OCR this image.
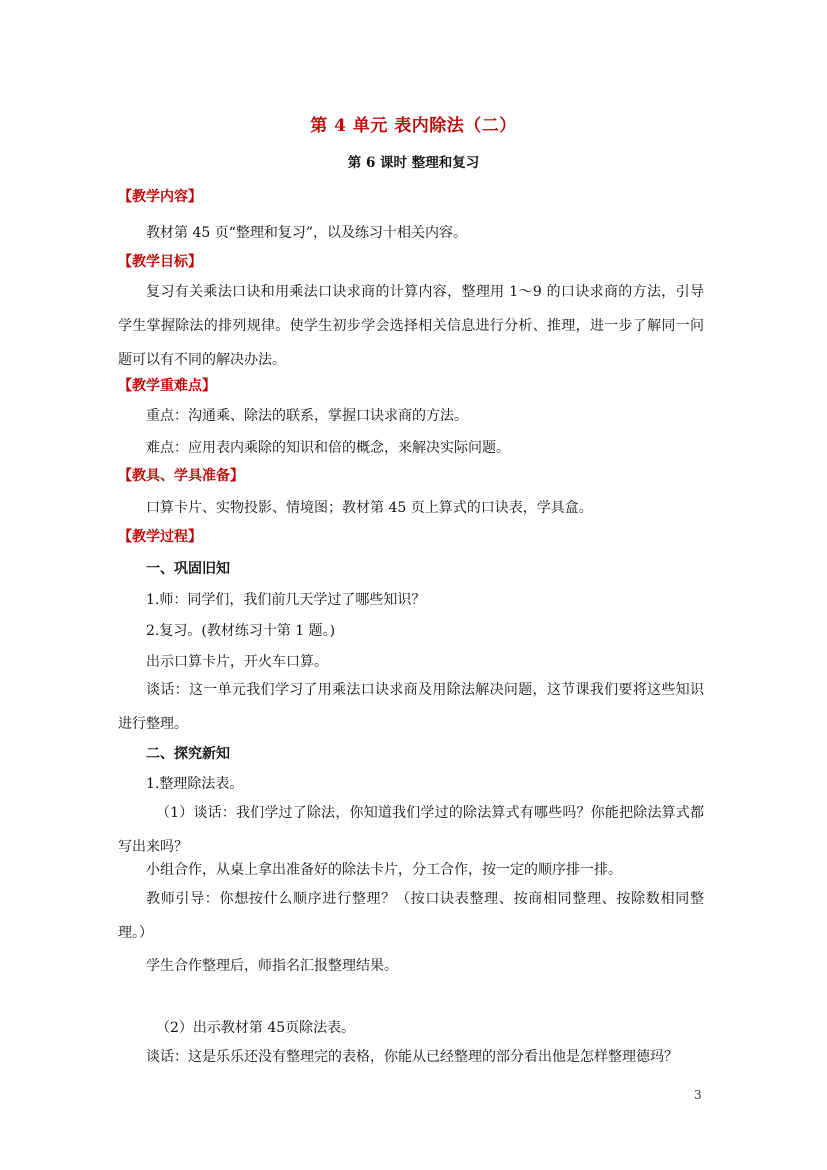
第 4 单元 表内除法（二）
第 6 课时 整理和复习
【教学内容】
教材第 45 页“整理和复习”，以及练习十相关内容。
【教学目标】
复习有关乘法口诀和用乘法口诀求商的计算内容，整理用 1～9 的口诀求商的方法，引导学生掌握除法的排列规律。使学生初步学会选择相关信息进行分析、推理，进一步了解同一问题可以有不同的解决办法。
【教学重难点】
重点：沟通乘、除法的联系，掌握口诀求商的方法。
难点：应用表内乘除的知识和倍的概念，来解决实际问题。
【教具、学具准备】
口算卡片、实物投影、情境图；教材第 45 页上算式的口诀表，学具盒。
【教学过程】
一、巩固旧知
1.师：同学们，我们前几天学过了哪些知识？
2.复习。(教材练习十第 1 题。)
出示口算卡片，开火车口算。
谈话：这一单元我们学习了用乘法口诀求商及用除法解决问题，这节课我们要将这些知识进行整理。
二、探究新知
1.整理除法表。
（1）谈话：我们学过了除法，你知道我们学过的除法算式有哪些吗？你能把除法算式都写出来吗？
小组合作，从桌上拿出准备好的除法卡片，分工合作，按一定的顺序排一排。
教师引导：你想按什么顺序进行整理？（按口诀表整理、按商相同整理、按除数相同整理。）
学生合作整理后，师指名汇报整理结果。
（2）出示教材第 45页除法表。
谈话：这是乐乐还没有整理完的表格，你能从已经整理的部分看出他是怎样整理德玛？
3
